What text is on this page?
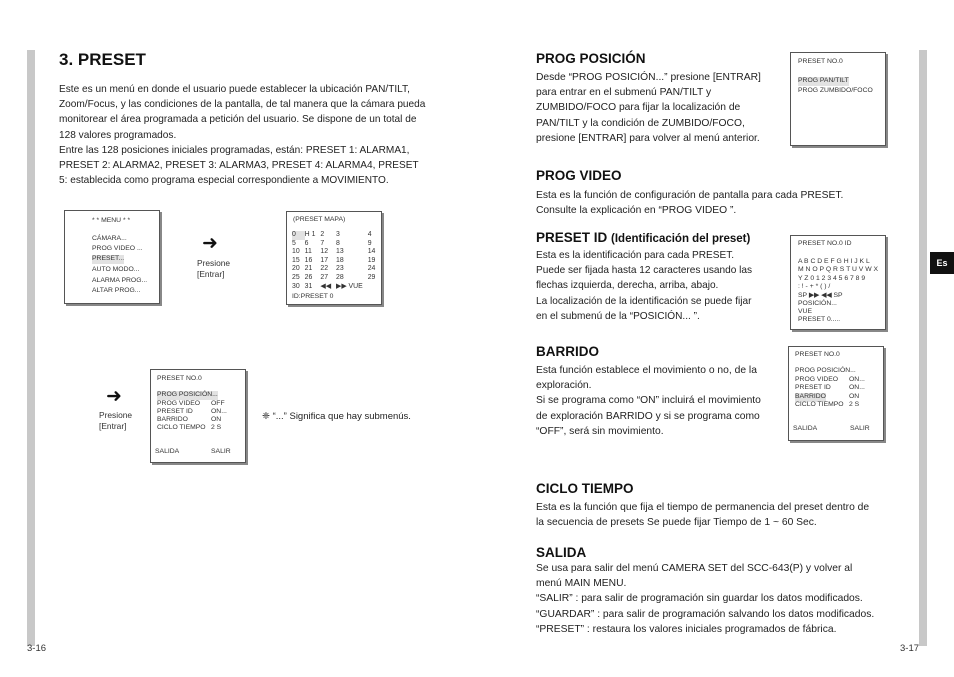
3. PRESET
Este es un menú en donde el usuario puede establecer la ubicación PAN/TILT,
Zoom/Focus, y las condiciones de la pantalla, de tal manera que la cámara pueda
monitorear el área programada a petición del usuario. Se dispone de un total de
128 valores programados.
Entre las 128 posiciones iniciales programadas, están: PRESET 1: ALARMA1,
PRESET 2: ALARMA2, PRESET 3: ALARMA3, PRESET 4: ALARMA4, PRESET
5: establecida como programa especial correspondiente a MOVIMIENTO.
* * MENU * *
CÁMARA...
PROG VIDEO ...
PRESET...
AUTO MODO...
ALARMA PROG...
ALTAR PROG...
➜
Presione
[Entrar]
(PRESET MAPA)
0	H 1	2	3	4
5	6	7	8	9
10	11	12	13	14
15	16	17	18	19
20	21	22	23	24
25	26	27	28	29
30	31	◀◀	▶▶ VUE	
ID:PRESET 0
➜
Presione
[Entrar]
PRESET NO.0
PROG POSICIÓN...
PROG VIDEO OFF
PRESET ID	ON...
BARRIDO	ON
CICLO TIEMPO 2 S
SALIDA	SALIR
❈ “...” Significa que hay submenús.
3-16
PROG POSICIÓN
Desde “PROG POSICIÓN...” presione [ENTRAR]
para entrar en el submenú PAN/TILT y
ZUMBIDO/FOCO para fijar la localización de
PAN/TILT y la condición de ZUMBIDO/FOCO,
presione [ENTRAR] para volver al menú anterior.
PRESET NO.0
PROG PAN/TILT
PROG ZUMBIDO/FOCO
PROG VIDEO
Esta es la función de configuración de pantalla para cada PRESET.
Consulte la explicación en “PROG VIDEO ”.
PRESET ID (Identificación del preset)
Esta es la identificación para cada PRESET.
Puede ser fijada hasta 12 caracteres usando las
flechas izquierda, derecha, arriba, abajo.
La localización de la identificación se puede fijar
en el submenú de la “POSICIÓN... ”.
PRESET NO.0 ID
A B C D E F G H I J K L
M N O P Q R S T U V W X
Y Z 0 1 2 3 4 5 6 7 8 9
: ! - + * ( ) /
SP ▶▶ ◀◀ SP
POSICIÓN...
VUE
PRESET 0.....
BARRIDO
Esta función establece el movimiento o no, de la
exploración.
Si se programa como “ON” incluirá el movimiento
de exploración BARRIDO y si se programa como
“OFF”, será sin movimiento.
PRESET NO.0
PROG POSICIÓN...
PROG VIDEO ON...
PRESET ID	ON...
BARRIDO	ON
CICLO TIEMPO 2 S
SALIDA	SALIR
CICLO TIEMPO
Esta es la función que fija el tiempo de permanencia del preset dentro de
la secuencia de presets Se puede fijar Tiempo de 1 ~ 60 Sec.
SALIDA
Se usa para salir del menú CAMERA SET del SCC-643(P) y volver al
menú MAIN MENU.
“SALIR” : para salir de programación sin guardar los datos modificados.
“GUARDAR” : para salir de programación salvando los datos modificados.
“PRESET” : restaura los valores iniciales programados de fábrica.
Es
3-17
